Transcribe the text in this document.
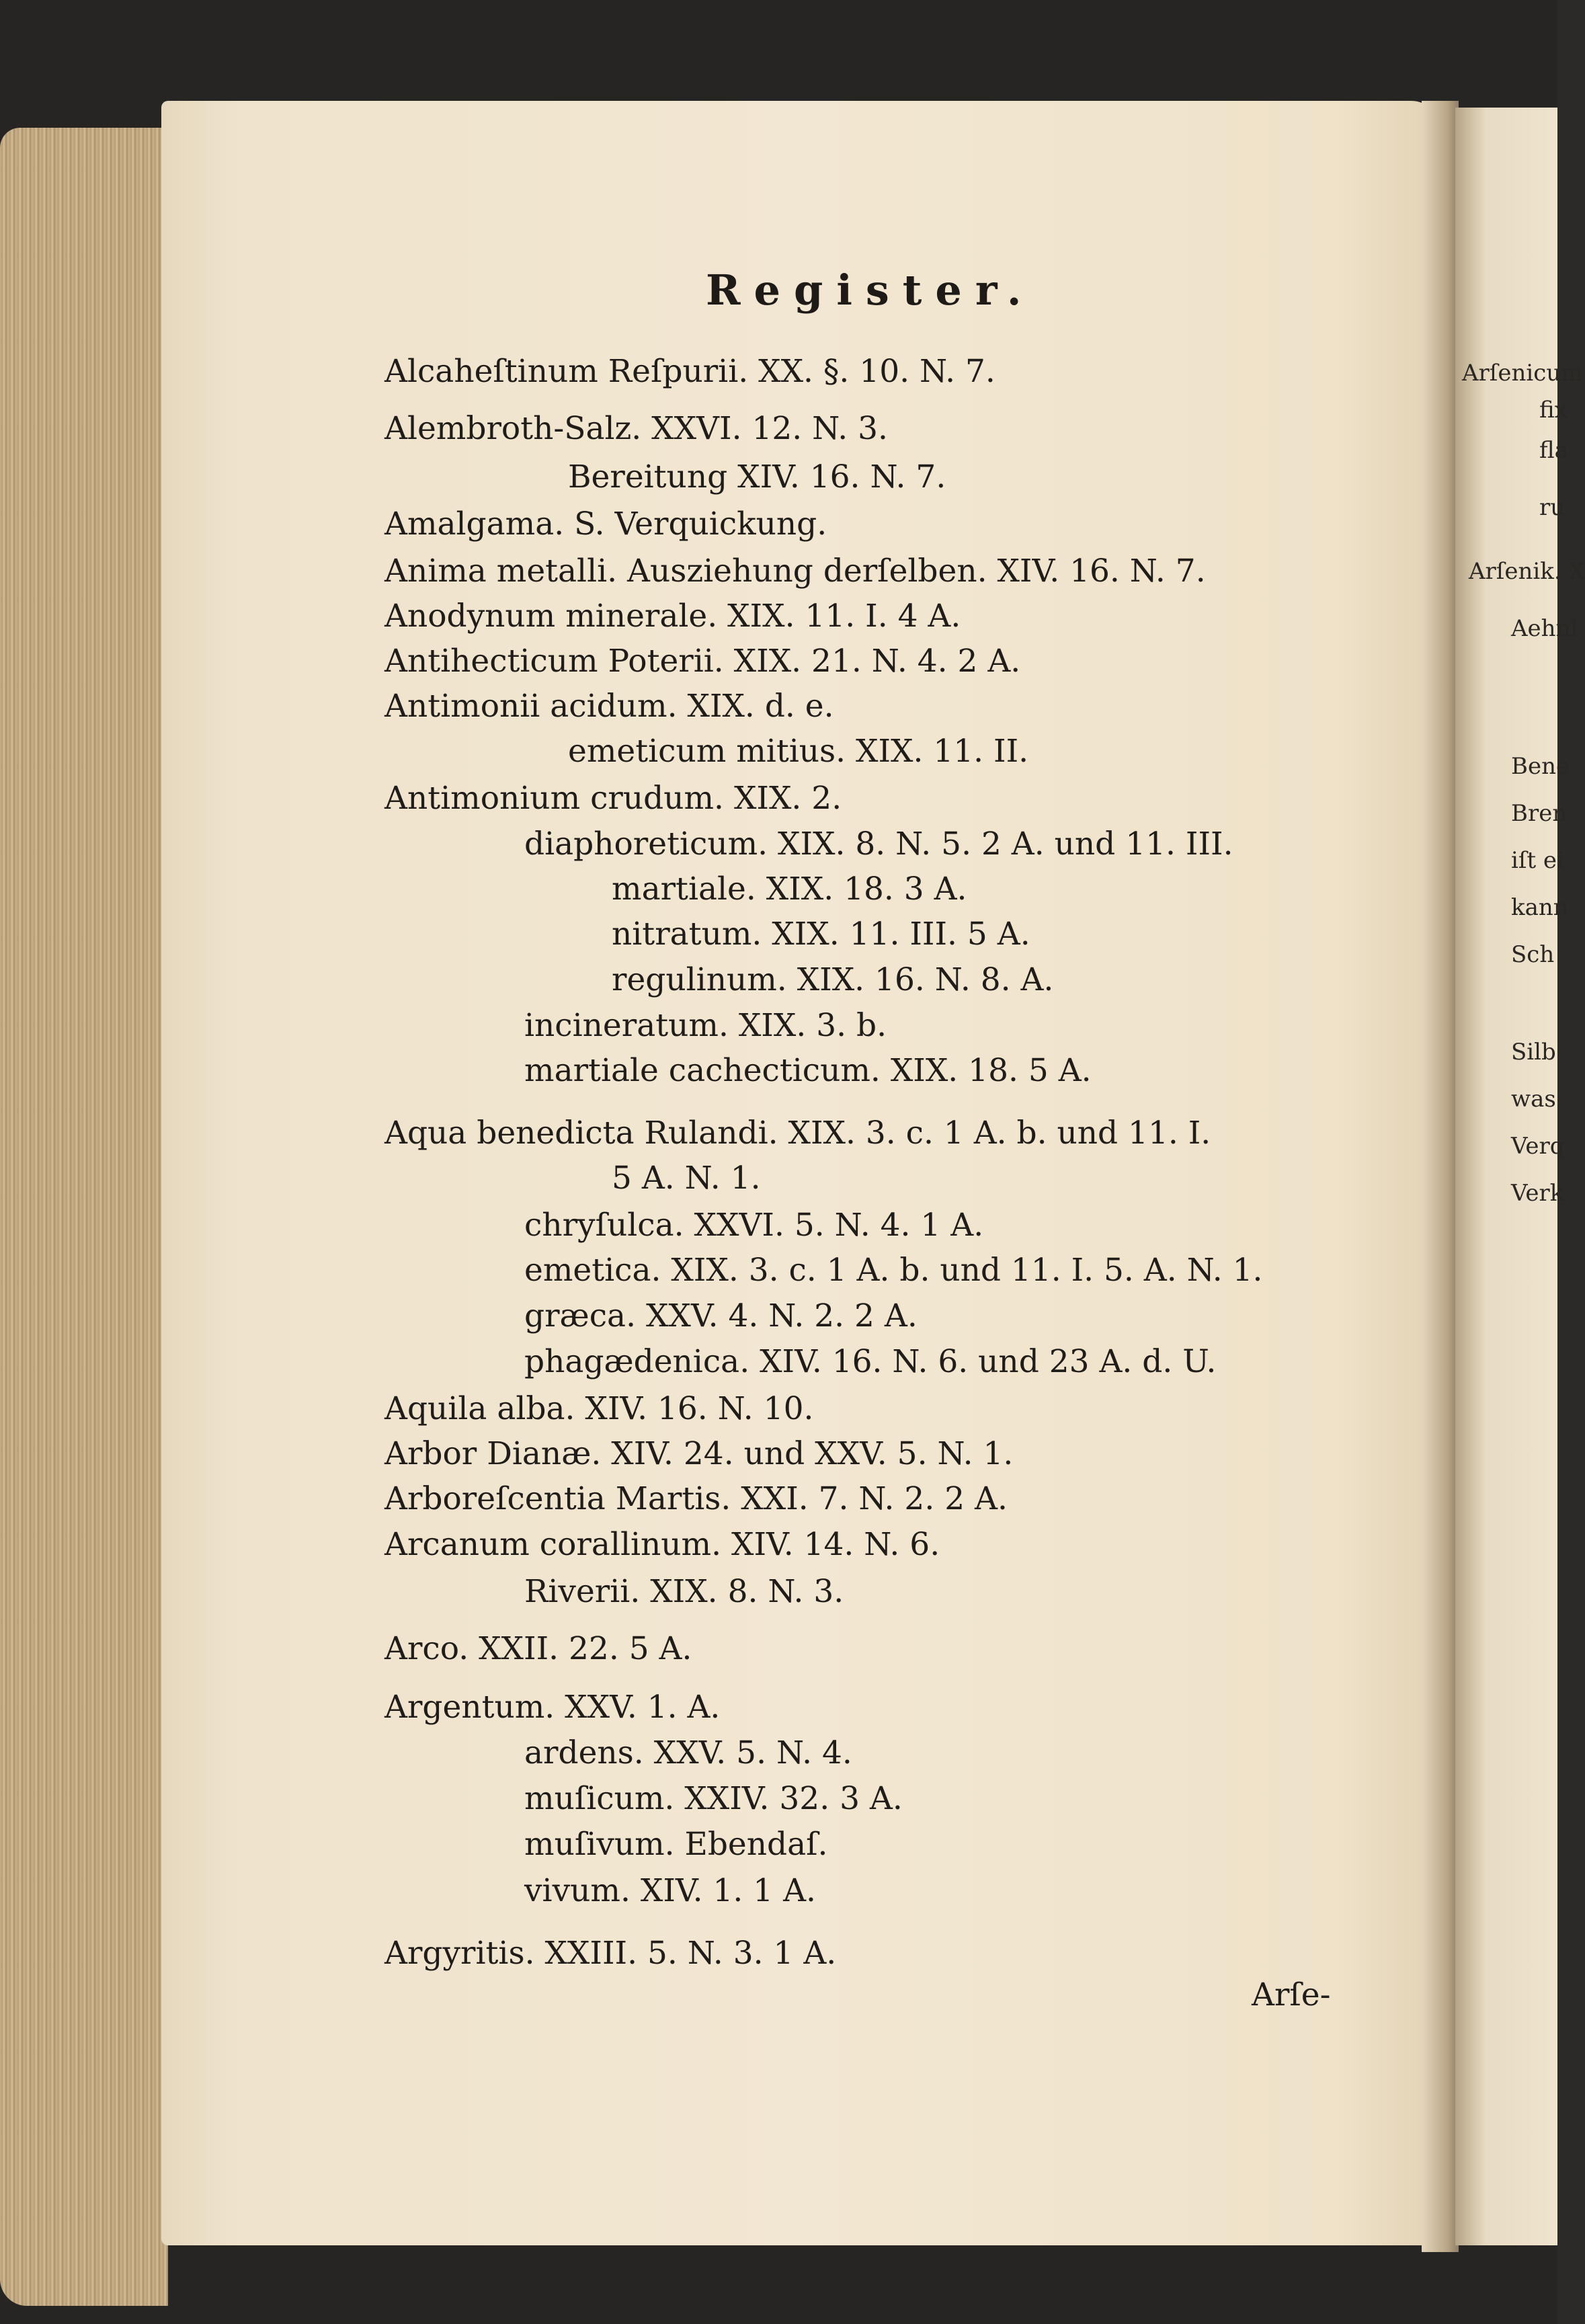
Register.
Alcaheſtinum Reſpurii. XX. §. 10. N. 7.
Alembroth-Salz. XXVI. 12. N. 3.
Bereitung XIV. 16. N. 7.
Amalgama. S. Verquickung.
Anima metalli. Ausziehung derſelben. XIV. 16. N. 7.
Anodynum minerale. XIX. 11. I. 4 A.
Antihecticum Poterii. XIX. 21. N. 4. 2 A.
Antimonii acidum. XIX. d. e.
emeticum mitius. XIX. 11. II.
Antimonium crudum. XIX. 2.
diaphoreticum. XIX. 8. N. 5. 2 A. und 11. III.
martiale. XIX. 18. 3 A.
nitratum. XIX. 11. III. 5 A.
regulinum. XIX. 16. N. 8. A.
incineratum. XIX. 3. b.
martiale cachecticum. XIX. 18. 5 A.
Aqua benedicta Rulandi. XIX. 3. c. 1 A. b. und 11. I.
5 A. N. 1.
chryſulca. XXVI. 5. N. 4. 1 A.
emetica. XIX. 3. c. 1 A. b. und 11. I. 5. A. N. 1.
græca. XXV. 4. N. 2. 2 A.
phagædenica. XIV. 16. N. 6. und 23 A. d. U.
Aquila alba. XIV. 16. N. 10.
Arbor Dianæ. XIV. 24. und XXV. 5. N. 1.
Arboreſcentia Martis. XXI. 7. N. 2. 2 A.
Arcanum corallinum. XIV. 14. N. 6.
Riverii. XIX. 8. N. 3.
Arco. XXII. 22. 5 A.
Argentum. XXV. 1. A.
ardens. XXV. 5. N. 4.
muſicum. XXIV. 32. 3 A.
muſivum. Ebendaſ.
vivum. XIV. 1. 1 A.
Argyritis. XXIII. 5. N. 3. 1 A.
Arſe-
Arſenicum
fix
fla
ru
Arſenik. X
Aehnl
Bene
Bren
iſt ei
kann
Sch
Silb
was
Verq
Verk
